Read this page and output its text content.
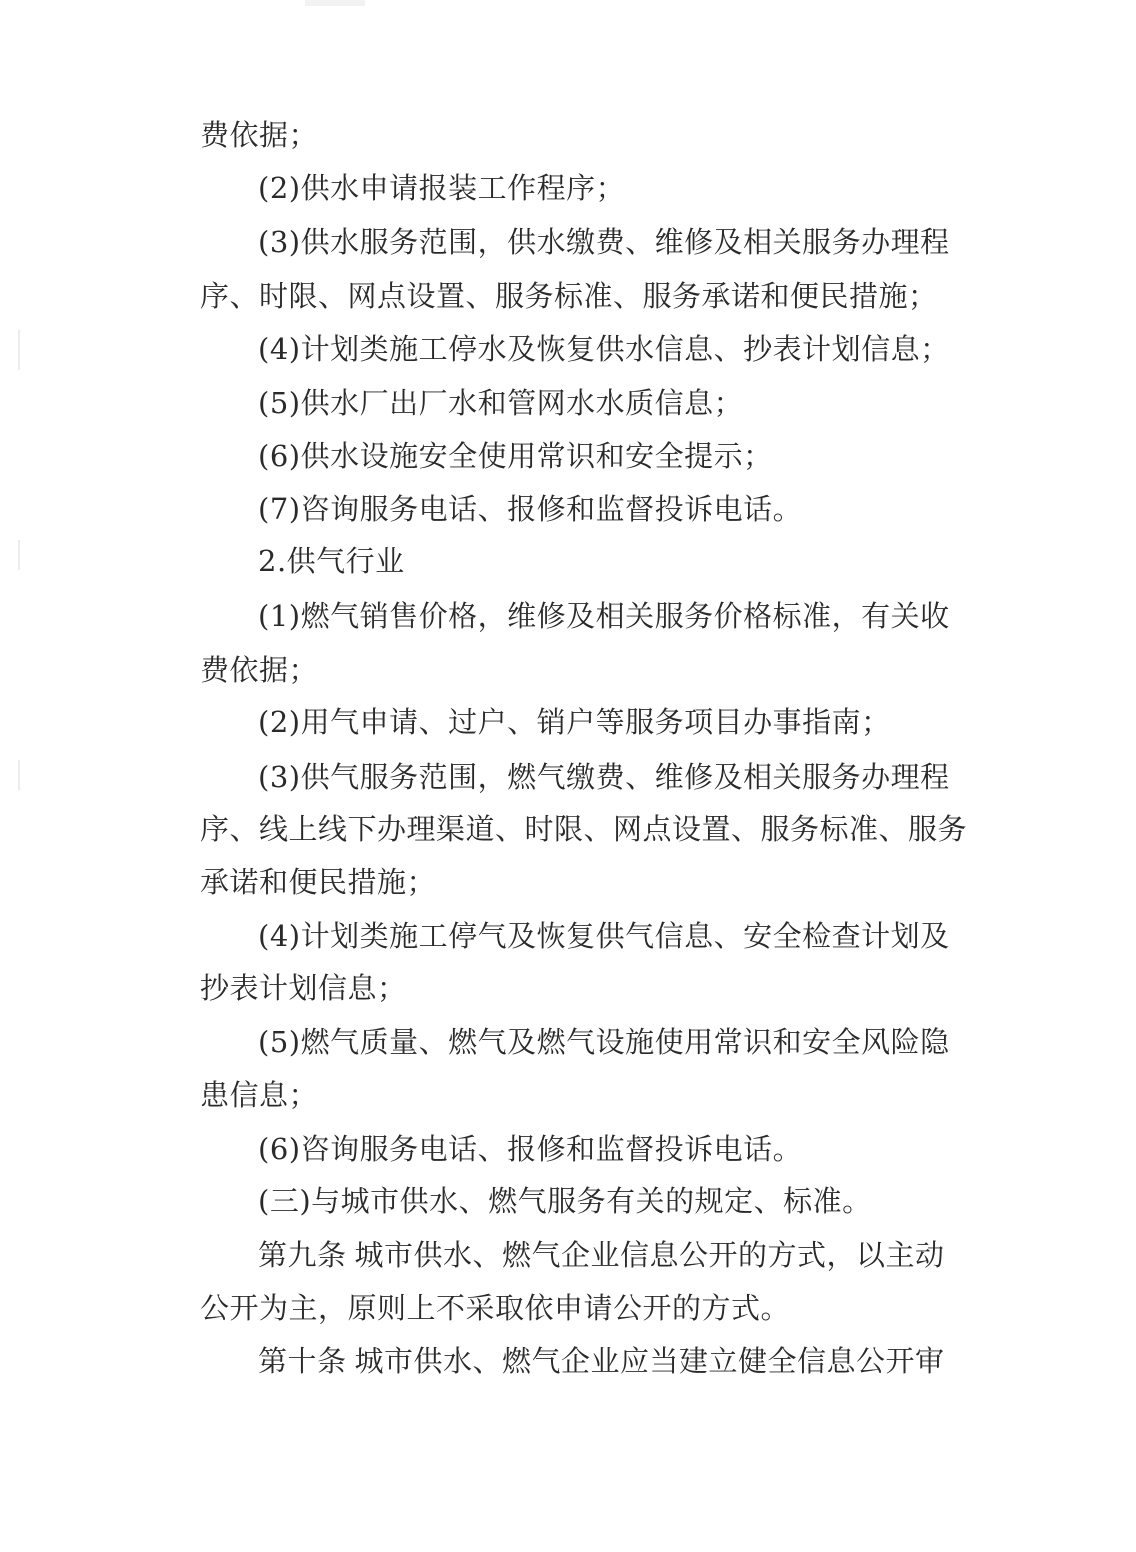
费依据；
(2)供水申请报装工作程序；
(3)供水服务范围，供水缴费、维修及相关服务办理程
序、时限、网点设置、服务标准、服务承诺和便民措施；
(4)计划类施工停水及恢复供水信息、抄表计划信息；
(5)供水厂出厂水和管网水水质信息；
(6)供水设施安全使用常识和安全提示；
(7)咨询服务电话、报修和监督投诉电话。
2.供气行业
(1)燃气销售价格，维修及相关服务价格标准，有关收
费依据；
(2)用气申请、过户、销户等服务项目办事指南；
(3)供气服务范围，燃气缴费、维修及相关服务办理程
序、线上线下办理渠道、时限、网点设置、服务标准、服务
承诺和便民措施；
(4)计划类施工停气及恢复供气信息、安全检查计划及
抄表计划信息；
(5)燃气质量、燃气及燃气设施使用常识和安全风险隐
患信息；
(6)咨询服务电话、报修和监督投诉电话。
(三)与城市供水、燃气服务有关的规定、标准。
第九条 城市供水、燃气企业信息公开的方式，以主动
公开为主，原则上不采取依申请公开的方式。
第十条 城市供水、燃气企业应当建立健全信息公开审
